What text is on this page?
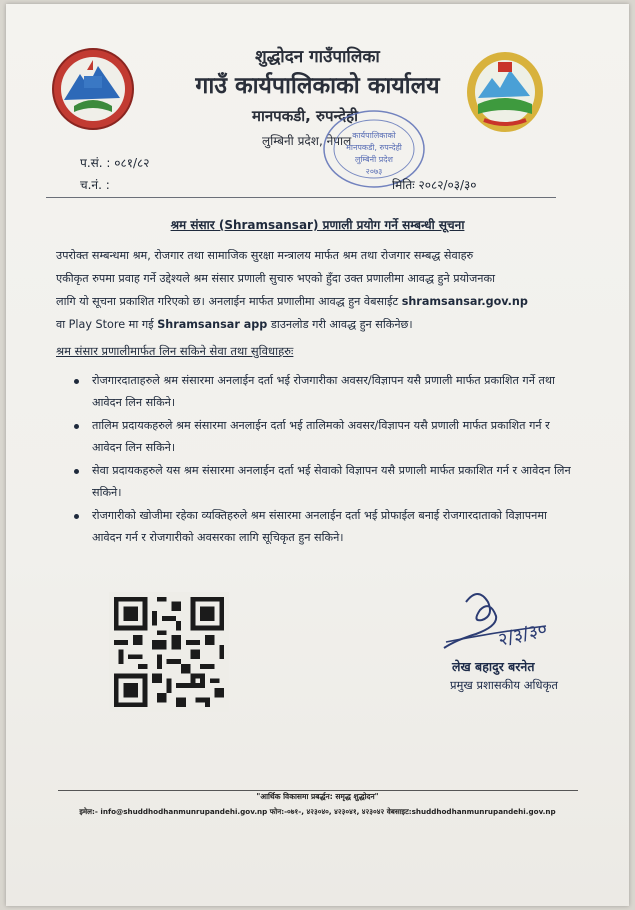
शुद्धोदन गाउँपालिका
गाउँ कार्यपालिकाको कार्यालय
मानपकडी, रुपन्देही
लुम्बिनी प्रदेश, नेपाल कार्यपालिकाको
मानपकडी, रुपन्देही
लुम्बिनी प्रदेश
२०७३
प.सं. : ०८१/८२
च.नं. :	मितिः २०८२/०३/३०
श्रम संसार (Shramsansar) प्रणाली प्रयोग गर्ने सम्बन्धी सूचना
उपरोक्त सम्बन्धमा श्रम, रोजगार तथा सामाजिक सुरक्षा मन्त्रालय मार्फत श्रम तथा रोजगार सम्बद्ध सेवाहरु
एकीकृत रुपमा प्रवाह गर्ने उद्देश्यले श्रम संसार प्रणाली सुचारु भएको हुँदा उक्त प्रणालीमा आवद्ध हुने प्रयोजनका
लागि यो सूचना प्रकाशित गरिएको छ। अनलाईन मार्फत प्रणालीमा आवद्ध हुन वेबसाईट shramsansar.gov.np
वा Play Store मा गई Shramsansar app डाउनलोड गरी आवद्ध हुन सकिनेछ।
श्रम संसार प्रणालीमार्फत लिन सकिने सेवा तथा सुविधाहरुः
रोजगारदाताहरुले श्रम संसारमा अनलाईन दर्ता भई रोजगारीका अवसर/विज्ञापन यसै प्रणाली मार्फत प्रकाशित गर्ने तथा आवेदन लिन सकिने।
तालिम प्रदायकहरुले श्रम संसारमा अनलाईन दर्ता भई तालिमको अवसर/विज्ञापन यसै प्रणाली मार्फत प्रकाशित गर्न र आवेदन लिन सकिने।
सेवा प्रदायकहरुले यस श्रम संसारमा अनलाईन दर्ता भई सेवाको विज्ञापन यसै प्रणाली मार्फत प्रकाशित गर्न र आवेदन लिन सकिने।
रोजगारीको खोजीमा रहेका व्यक्तिहरुले श्रम संसारमा अनलाईन दर्ता भई प्रोफाईल बनाई रोजगारदाताको विज्ञापनमा आवेदन गर्न र रोजगारीको अवसरका लागि सूचिकृत हुन सकिने।
२/३/३०
लेख बहादुर बरनेत
प्रमुख प्रशासकीय अधिकृत
"आर्थिक विकासमा प्रबर्द्धन: समृद्ध शुद्धोदन"
इमेल:- info@shuddhodhanmunrupandehi.gov.np फोन:-०७१-, ४२३०४०, ४२३०४१, ४२३०४२ वेबसाइट:shuddhodhanmunrupandehi.gov.np
